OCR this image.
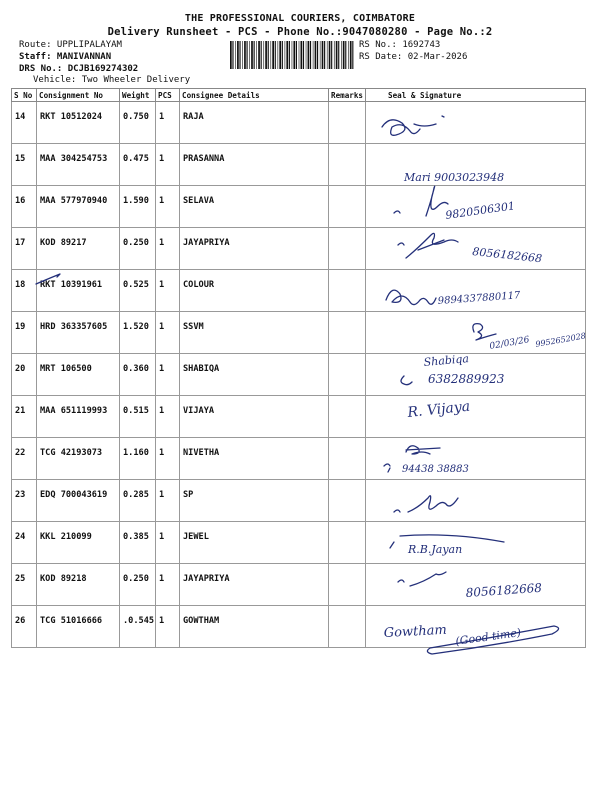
THE PROFESSIONAL COURIERS, COIMBATORE
Delivery Runsheet - PCS - Phone No.:9047080280 - Page No.:2
Route: UPPLIPALAYAM
Staff: MANIVANNAN
DRS No.: DCJB169274302
Vehicle: Two Wheeler Delivery
RS No.: 1692743
RS Date: 02-Mar-2026
S No	Consignment No	Weight	PCS	Consignee Details	Remarks	Seal & Signature
14	RKT 10512024	0.750	1	RAJA		
15	MAA 304254753	0.475	1	PRASANNA		
16	MAA 577970940	1.590	1	SELAVA		
17	KOD 89217	0.250	1	JAYAPRIYA		
18	RKT 10391961	0.525	1	COLOUR		
19	HRD 363357605	1.520	1	SSVM		
20	MRT 106500	0.360	1	SHABIQA		
21	MAA 651119993	0.515	1	VIJAYA		
22	TCG 42193073	1.160	1	NIVETHA		
23	EDQ 700043619	0.285	1	SP		
24	KKL 210099	0.385	1	JEWEL		
25	KOD 89218	0.250	1	JAYAPRIYA		
26	TCG 51016666	.0.545	1	GOWTHAM		
Mari 9003023948
9820506301
8056182668
9894337880117
02/03/26 9952652028
Shabiqa
6382889923
R. Vijaya
94438 38883
R.B.Jayan
8056182668
Gowtham (Good time)
